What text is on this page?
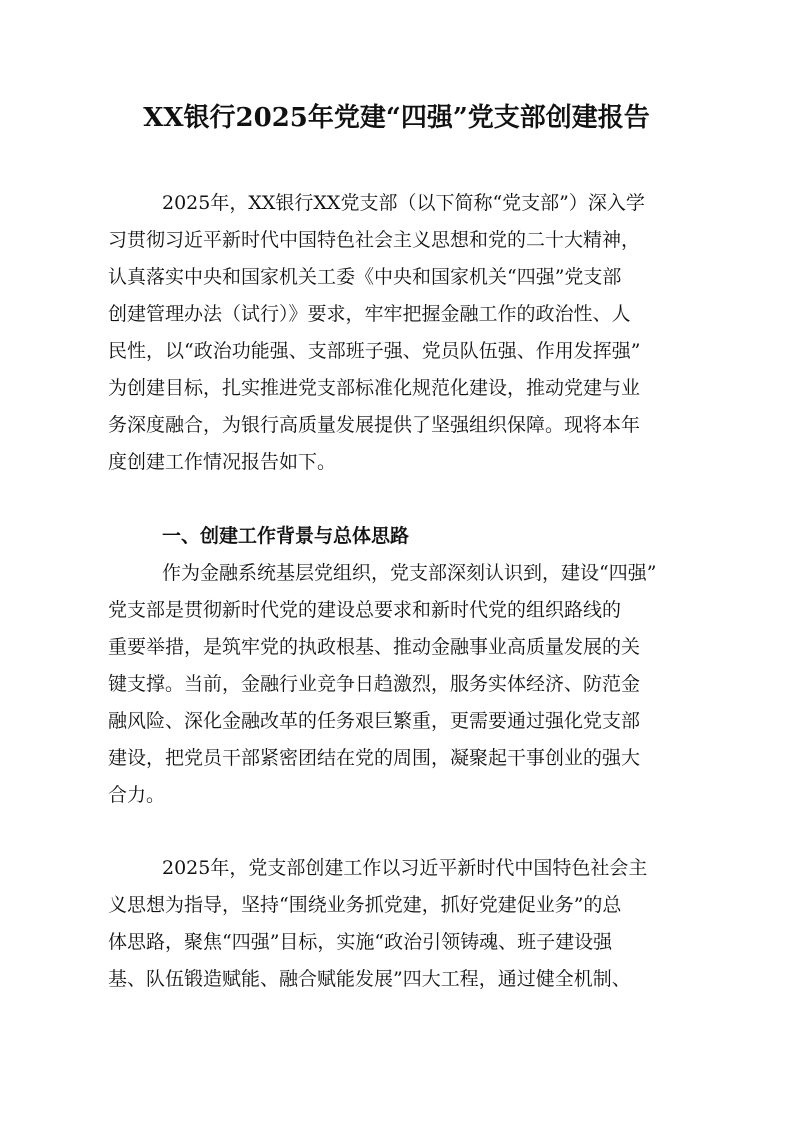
XX银行2025年党建“四强”党支部创建报告
2025年，XX银行XX党支部（以下简称“党支部”）深入学
习贯彻习近平新时代中国特色社会主义思想和党的二十大精神，
认真落实中央和国家机关工委《中央和国家机关“四强”党支部
创建管理办法（试行）》要求，牢牢把握金融工作的政治性、人
民性，以“政治功能强、支部班子强、党员队伍强、作用发挥强”
为创建目标，扎实推进党支部标准化规范化建设，推动党建与业
务深度融合，为银行高质量发展提供了坚强组织保障。现将本年
度创建工作情况报告如下。
一、创建工作背景与总体思路
作为金融系统基层党组织，党支部深刻认识到，建设“四强”
党支部是贯彻新时代党的建设总要求和新时代党的组织路线的
重要举措，是筑牢党的执政根基、推动金融事业高质量发展的关
键支撑。当前，金融行业竞争日趋激烈，服务实体经济、防范金
融风险、深化金融改革的任务艰巨繁重，更需要通过强化党支部
建设，把党员干部紧密团结在党的周围，凝聚起干事创业的强大
合力。
2025年，党支部创建工作以习近平新时代中国特色社会主
义思想为指导，坚持“围绕业务抓党建，抓好党建促业务”的总
体思路，聚焦“四强”目标，实施“政治引领铸魂、班子建设强
基、队伍锻造赋能、融合赋能发展”四大工程，通过健全机制、
